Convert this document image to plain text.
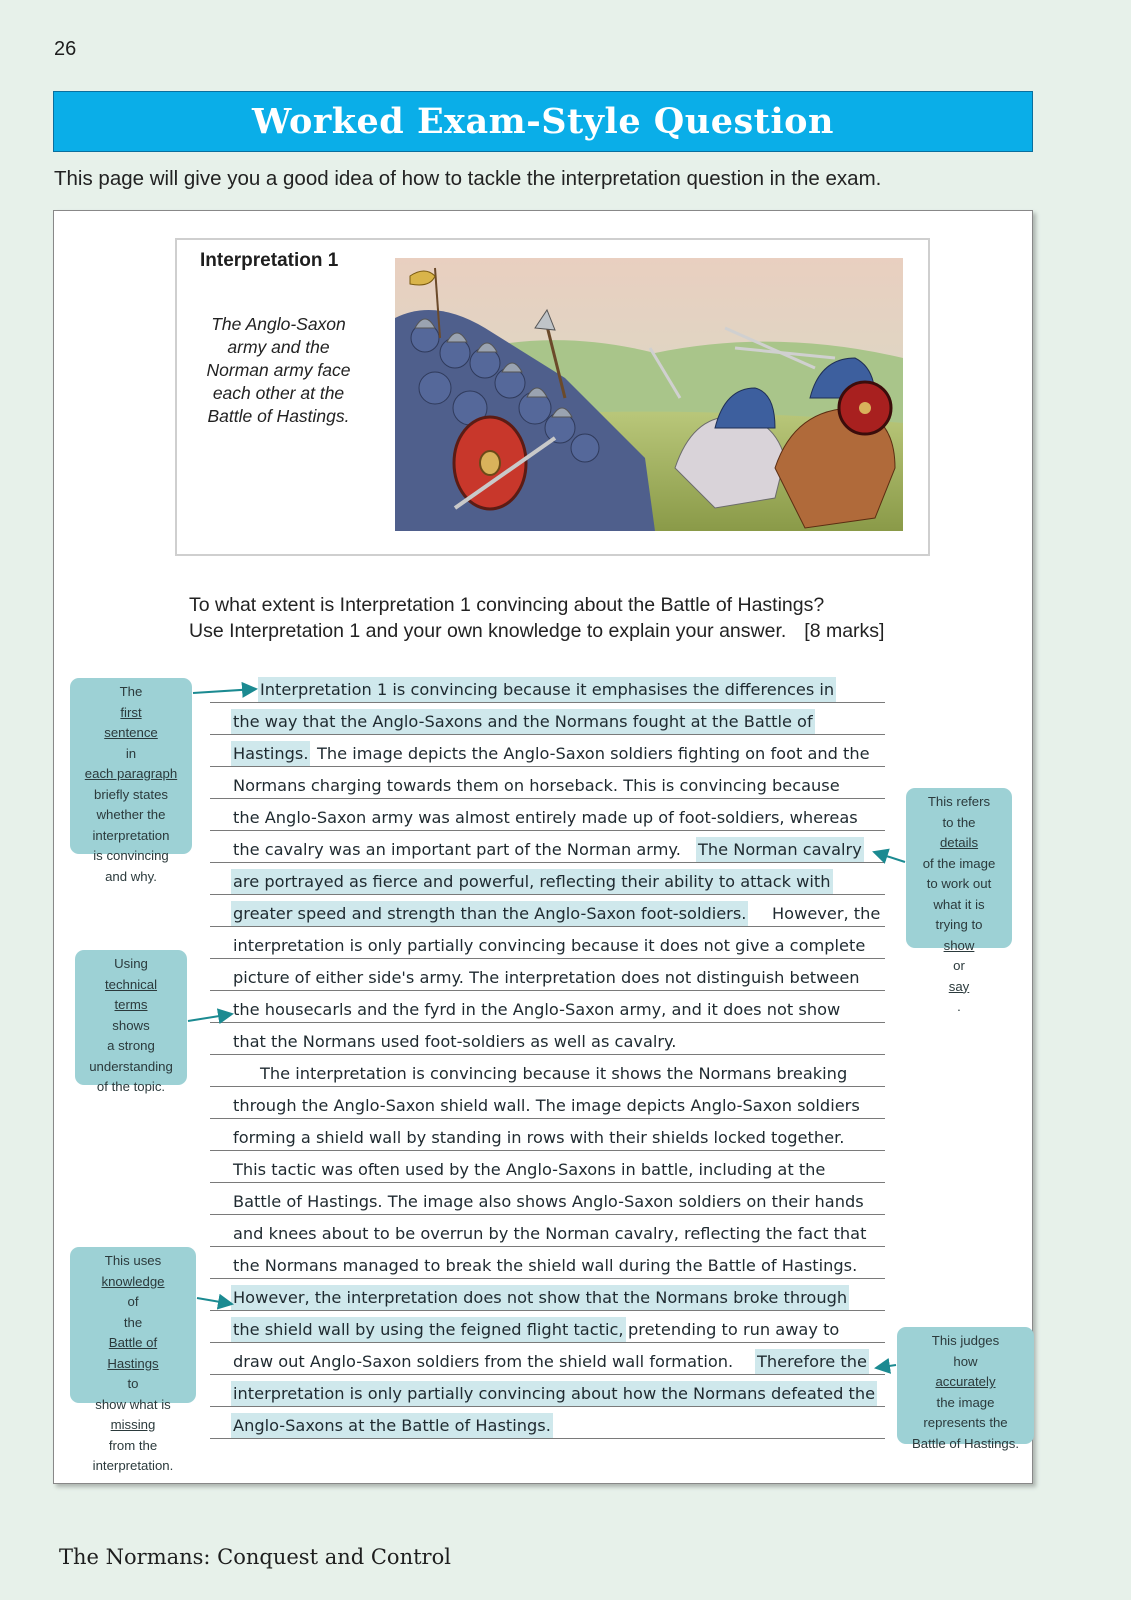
26
Worked Exam-Style Question
This page will give you a good idea of how to tackle the interpretation question in the exam.
Interpretation 1
The Anglo-Saxon
army and the
Norman army face
each other at the
Battle of Hastings.
To what extent is Interpretation 1 convincing about the Battle of Hastings?
Use Interpretation 1 and your own knowledge to explain your answer. [8 marks]
Interpretation 1 is convincing because it emphasises the differences in
the way that the Anglo-Saxons and the Normans fought at the Battle of
Hastings. The image depicts the Anglo-Saxon soldiers fighting on foot and the
Normans charging towards them on horseback. This is convincing because
the Anglo-Saxon army was almost entirely made up of foot-soldiers, whereas
the cavalry was an important part of the Norman army. The Norman cavalry
are portrayed as fierce and powerful, reflecting their ability to attack with
greater speed and strength than the Anglo-Saxon foot-soldiers. However, the
interpretation is only partially convincing because it does not give a complete
picture of either side's army. The interpretation does not distinguish between
the housecarls and the fyrd in the Anglo-Saxon army, and it does not show
that the Normans used foot-soldiers as well as cavalry.
The interpretation is convincing because it shows the Normans breaking
through the Anglo-Saxon shield wall. The image depicts Anglo-Saxon soldiers
forming a shield wall by standing in rows with their shields locked together.
This tactic was often used by the Anglo-Saxons in battle, including at the
Battle of Hastings. The image also shows Anglo-Saxon soldiers on their hands
and knees about to be overrun by the Norman cavalry, reflecting the fact that
the Normans managed to break the shield wall during the Battle of Hastings.
However, the interpretation does not show that the Normans broke through
the shield wall by using the feigned flight tactic, pretending to run away to
draw out Anglo-Saxon soldiers from the shield wall formation. Therefore the
interpretation is only partially convincing about how the Normans defeated the
Anglo-Saxons at the Battle of Hastings.
The
first
sentence
in
each paragraph
briefly states
whether the
interpretation
is convincing
and why.
Using
technical
terms
shows
a strong
understanding
of the topic.
This uses
knowledge
of
the
Battle of
Hastings
to
show what is
missing
from the
interpretation.
This refers
to the
details
of the image
to work out
what it is
trying to
show
or
say
.
This judges
how
accurately
the image
represents the
Battle of Hastings.
The Normans: Conquest and Control
